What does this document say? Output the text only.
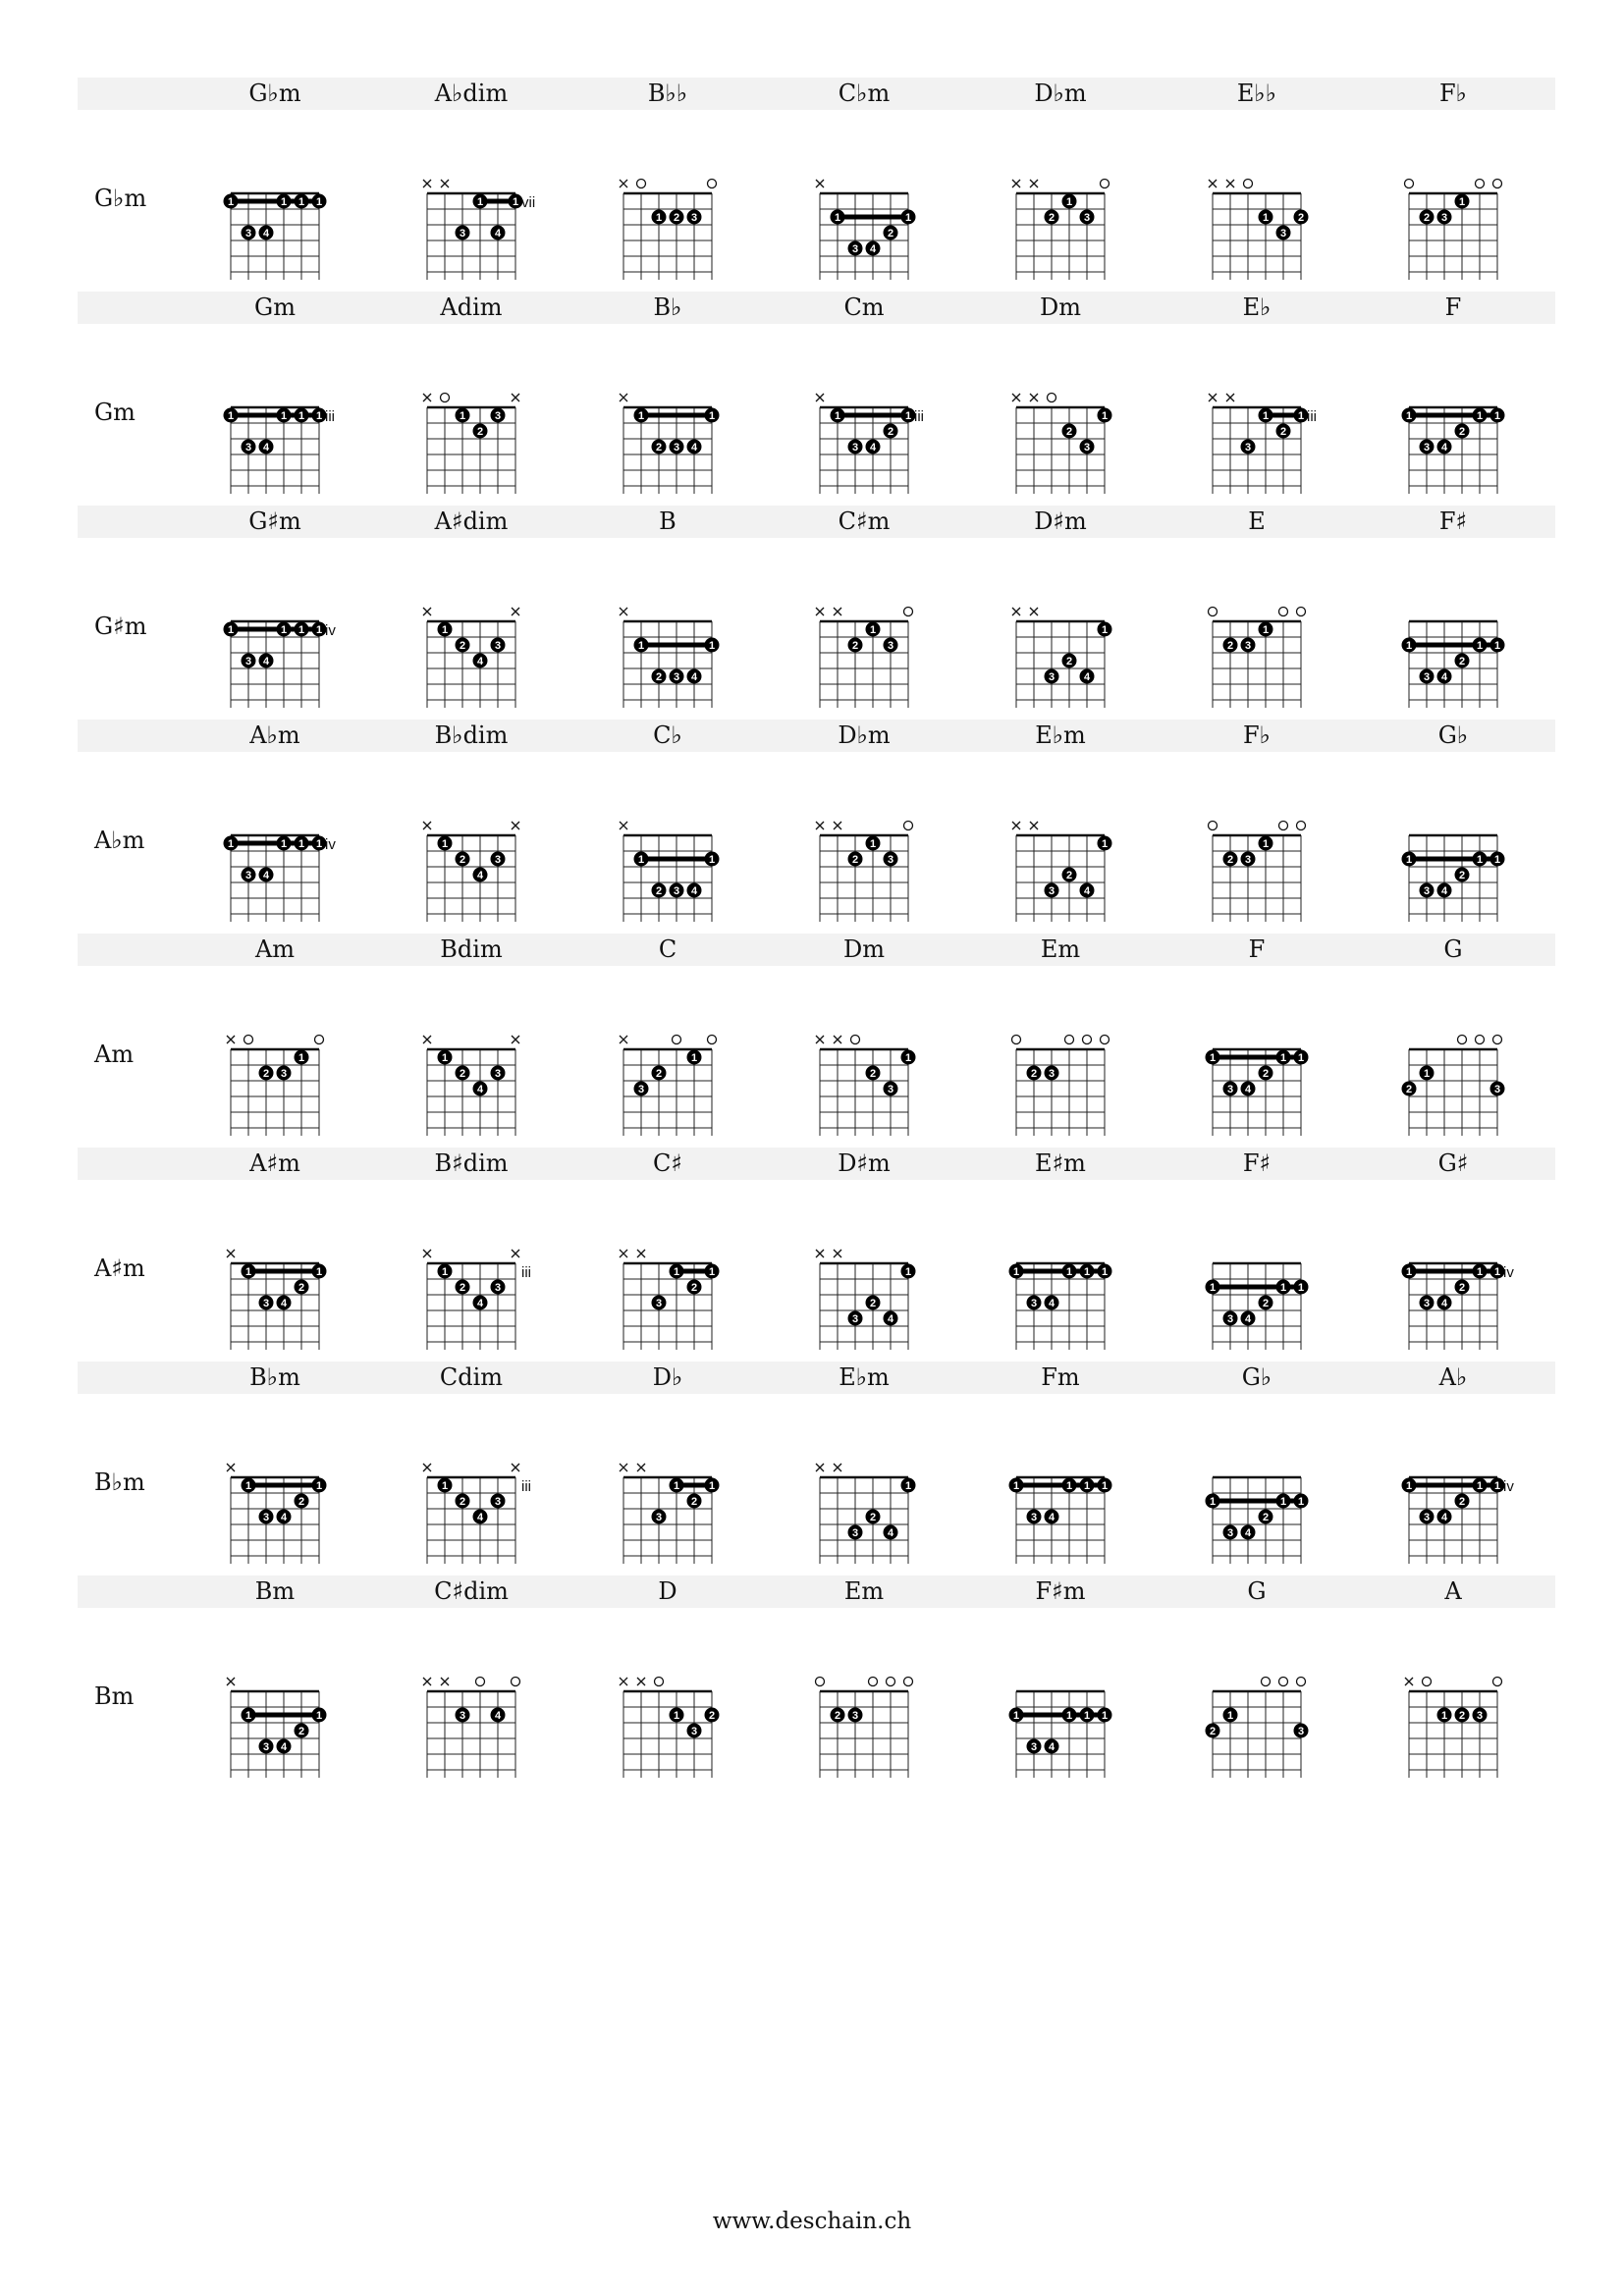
G♭m
G♭m
1	1 1 1
3 4
A♭dim
1	1
3	4
vii
B♭♭
1 2 3
C♭m
1	1
2
3 4
D♭m
1
2	3
E♭♭
1	2
3
F♭
1
2 3
Gm
Gm
1	1 1 1
3 4
iii
Adim
1	3
2
B♭
1	1
2 3 4
Cm
1	1
2
3 4
iii
Dm
1
2
3
E♭
1	1
2
3
iii
F
1	1 1
2
3 4
G♯m
G♯m
1	1 1 1
3 4
iv
A♯dim
1
2	3
4
B
1	1
2 3 4
C♯m
1
2	3
D♯m
1
2
3	4
E
1
2 3
F♯
1	1 1
2
3 4
A♭m
A♭m
1	1 1 1
3 4
iv
B♭dim
1
2	3
4
C♭
1	1
2 3 4
D♭m
1
2	3
E♭m
1
2
3	4
F♭
1
2 3
G♭
1	1 1
2
3 4
Am
Am
1
2 3
Bdim
1
2	3
4
C
1
2
3
Dm
1
2
3
Em
2 3
F
1	1 1
2
3 4
G
1
2	3
A♯m
A♯m
1	1
2
3 4
B♯dim
1
2	3
4
iii
C♯
1	1
2
3
D♯m
1
2
3	4
E♯m
1	1 1 1
3 4
F♯
1	1 1
2
3 4
G♯
1	1 1
2
3 4
iv
B♭m
B♭m
1	1
2
3 4
Cdim
1
2	3
4
iii
D♭
1	1
2
3
E♭m
1
2
3	4
Fm
1	1 1 1
3 4
G♭
1	1 1
2
3 4
A♭
1	1 1
2
3 4
iv
Bm
Bm
1	1
2
3 4
C♯dim
3	4
D
1	2
3
Em
2 3
F♯m
1	1 1 1
3 4
G
1
2	3
A
1 2 3
www.deschain.ch
